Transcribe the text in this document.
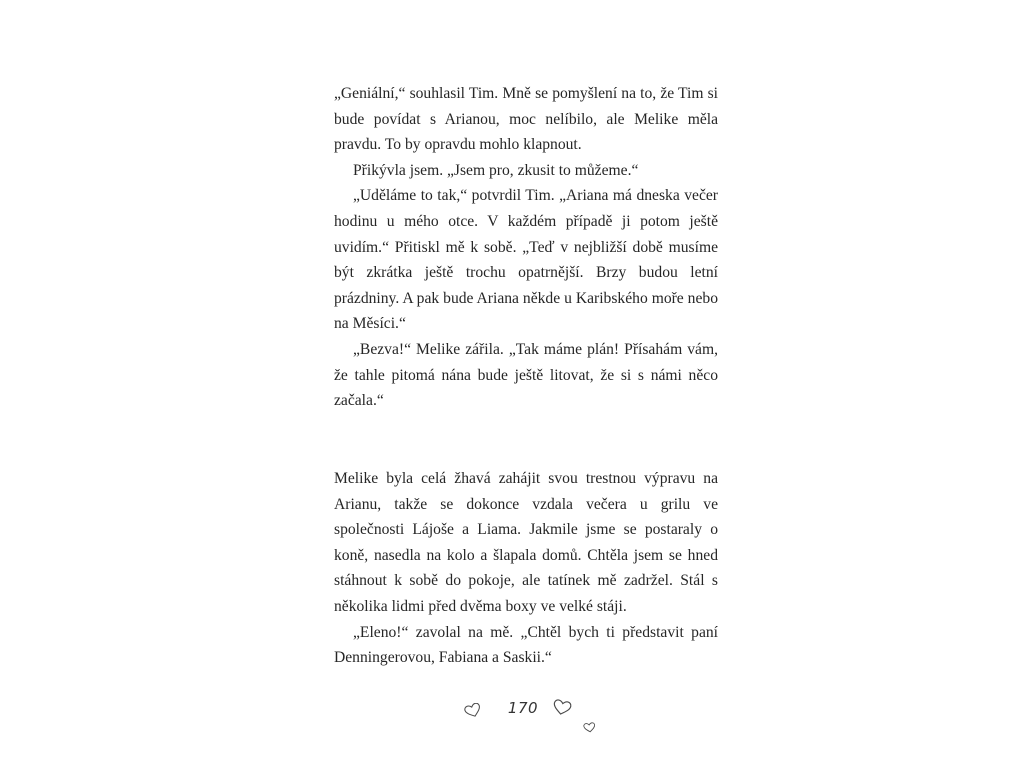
„Geniální,“ souhlasil Tim. Mně se pomyšlení na to, že Tim si bude povídat s Arianou, moc nelíbilo, ale Melike měla pravdu. To by opravdu mohlo klapnout.

Přikývla jsem. „Jsem pro, zkusit to můžeme.“

„Uděláme to tak,“ potvrdil Tim. „Ariana má dneska večer hodinu u mého otce. V každém případě ji potom ještě uvidím.“ Přitiskl mě k sobě. „Teď v nejbližší době musíme být zkrátka ještě trochu opatrnější. Brzy budou letní prázdniny. A pak bude Ariana někde u Karibského moře nebo na Měsíci.“

„Bezva!“ Melike zářila. „Tak máme plán! Přísahám vám, že tahle pitomá nána bude ještě litovat, že si s námi něco začala.“

Melike byla celá žhavá zahájit svou trestnou výpravu na Arianu, takže se dokonce vzdala večera u grilu ve společnosti Lájoše a Liama. Jakmile jsme se postaraly o koně, nasedla na kolo a šlapala domů. Chtěla jsem se hned stáhnout k sobě do pokoje, ale tatínek mě zadržel. Stál s několika lidmi před dvěma boxy ve velké stáji.

„Eleno!“ zavolal na mě. „Chtěl bych ti představit paní Denningerovou, Fabiana a Saskii.“

170
